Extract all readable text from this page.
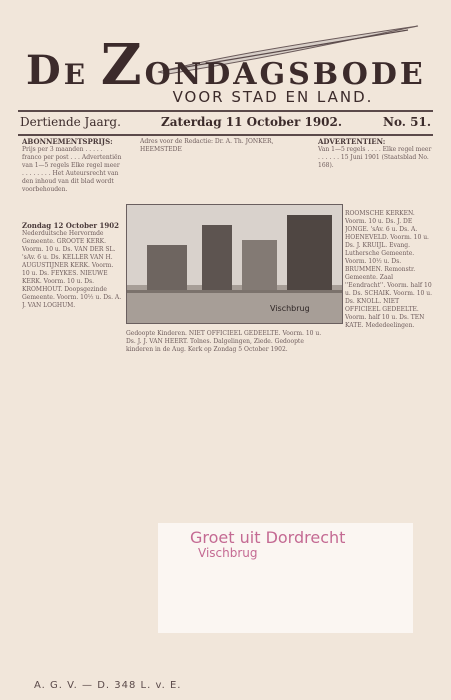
DE ZONDAGSBODE
VOOR STAD EN LAND.
Dertiende Jaarg.	Zaterdag 11 October 1902.	No. 51.
ABONNEMENTSPRIJS:
Prijs per 3 maanden . . . . . franco per post . . . Advertentiën van 1—5 regels Elke regel meer . . . . . . . . Het Auteursrecht van den inhoud van dit blad wordt voorbehouden.
Adres voor de Redactie: Dr. A. Th. JONKER, HEEMSTEDE
ADVERTENTIËN:
Van 1—5 regels . . . . Elke regel meer . . . . . . 15 Juni 1901 (Staatsblad No. 168).
Zondag 12 October 1902
Nederduitsche Hervormde Gemeente. GROOTE KERK. Voorm. 10 u. Ds. VAN DER SL. 'sAv. 6 u. Ds. KELLER VAN H. AUGUSTIJNER KERK. Voorm. 10 u. Ds. FEYKES. NIEUWE KERK. Voorm. 10 u. Ds. KROMHOUT. Doopsgezinde Gemeente. Voorm. 10½ u. Ds. A. J. VAN LOGHUM.
Gedoopte Kinderen. NIET OFFICIEEL GEDEELTE. Voorm. 10 u. Ds. J. J. VAN HEERT. Tolnes. Dalgelingen, Ziede. Gedoopte kinderen in de Aug. Kerk op Zondag 5 October 1902.
ROOMSCHE KERKEN. Voorm. 10 u. Ds. J. DE JONGE. 'sAv. 6 u. Ds. A. HOENEVELD. Voorm. 10 u. Ds. J. KRUIJL. Evang. Luthersche Gemeente. Voorm. 10½ u. Ds. BRUMMEN. Remonstr. Gemeente. Zaal ''Eendracht''. Voorm. half 10 u. Ds. SCHAIK. Voorm. 10 u. Ds. KNOLL. NIET OFFICIEEL GEDEELTE. Voorm. half 10 u. Ds. TEN KATE. Mededeelingen.
Vischbrug
Groet uit Dordrecht
Vischbrug
A. G. V. — D. 348 L. v. E.
